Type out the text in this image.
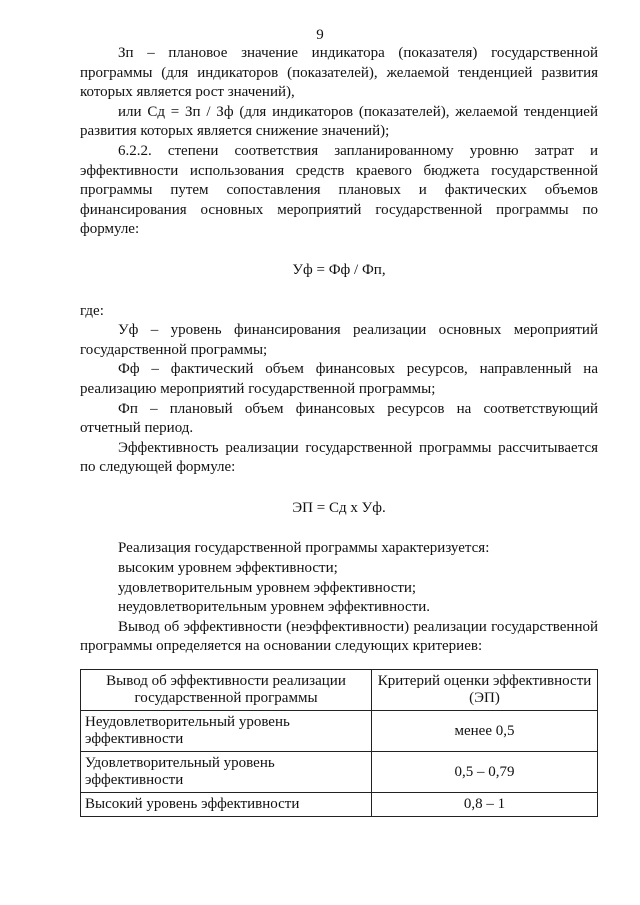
9

Зп – плановое значение индикатора (показателя) государственной программы (для индикаторов (показателей), желаемой тенденцией развития которых является рост значений),

или Сд = Зп / Зф (для индикаторов (показателей), желаемой тенденцией развития которых является снижение значений);

6.2.2. степени соответствия запланированному уровню затрат и эффективности использования средств краевого бюджета государственной программы путем сопоставления плановых и фактических объемов финансирования основных мероприятий государственной программы по формуле:

Уф = Фф / Фп,

где:

Уф – уровень финансирования реализации основных мероприятий государственной программы;

Фф – фактический объем финансовых ресурсов, направленный на реализацию мероприятий государственной программы;

Фп – плановый объем финансовых ресурсов на соответствующий отчетный период.

Эффективность реализации государственной программы рассчитывается по следующей формуле:

ЭП = Сд х Уф.

Реализация государственной программы характеризуется:

высоким уровнем эффективности;

удовлетворительным уровнем эффективности;

неудовлетворительным уровнем эффективности.

Вывод об эффективности (неэффективности) реализации государственной программы определяется на основании следующих критериев:

Вывод об эффективности реализации государственной программы	Критерий оценки эффективности (ЭП)
Неудовлетворительный уровень эффективности	менее 0,5
Удовлетворительный уровень эффективности	0,5 – 0,79
Высокий уровень эффективности	0,8 – 1
